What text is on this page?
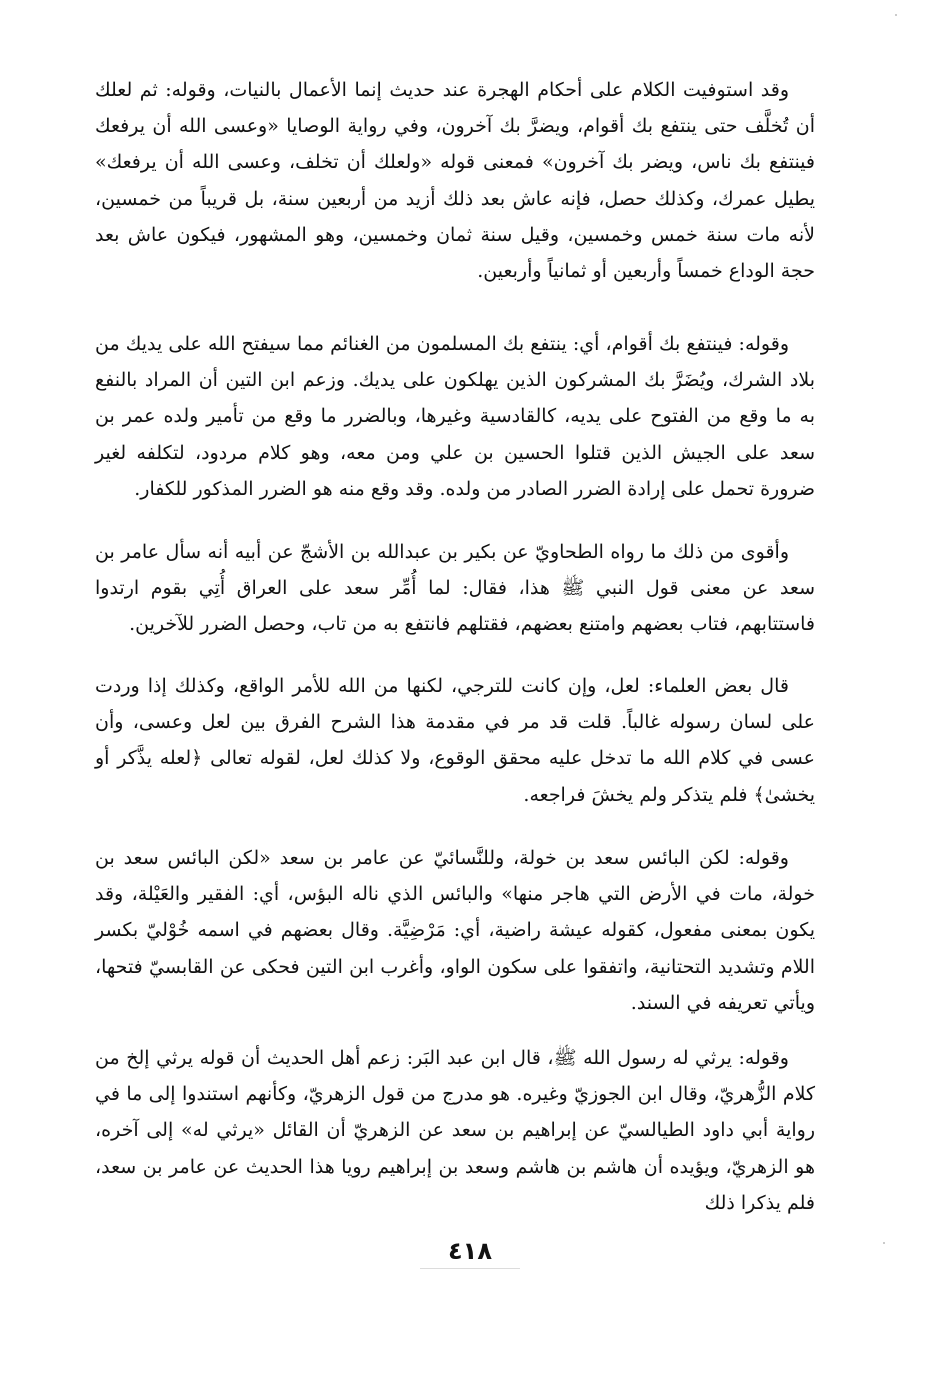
وقد استوفيت الكلام على أحكام الهجرة عند حديث إنما الأعمال بالنيات، وقوله: ثم لعلك أن تُخلَّف حتى ينتفع بك أقوام، ويضرَّ بك آخرون، وفي رواية الوصايا «وعسى الله أن يرفعك فينتفع بك ناس، ويضر بك آخرون» فمعنى قوله «ولعلك أن تخلف، وعسى الله أن يرفعك» يطيل عمرك، وكذلك حصل، فإنه عاش بعد ذلك أزيد من أربعين سنة، بل قريباً من خمسين، لأنه مات سنة خمس وخمسين، وقيل سنة ثمان وخمسين، وهو المشهور، فيكون عاش بعد حجة الوداع خمساً وأربعين أو ثمانياً وأربعين.

وقوله: فينتفع بك أقوام، أي: ينتفع بك المسلمون من الغنائم مما سيفتح الله على يديك من بلاد الشرك، ويُضَرَّ بك المشركون الذين يهلكون على يديك. وزعم ابن التين أن المراد بالنفع به ما وقع من الفتوح على يديه، كالقادسية وغيرها، وبالضرر ما وقع من تأمير ولده عمر بن سعد على الجيش الذين قتلوا الحسين بن علي ومن معه، وهو كلام مردود، لتكلفه لغير ضرورة تحمل على إرادة الضرر الصادر من ولده. وقد وقع منه هو الضرر المذكور للكفار.

وأقوى من ذلك ما رواه الطحاويّ عن بكير بن عبدالله بن الأشجّ عن أبيه أنه سأل عامر بن سعد عن معنى قول النبي ﷺ هذا، فقال: لما أُمِّر سعد على العراق أُتِي بقوم ارتدوا فاستتابهم، فتاب بعضهم وامتنع بعضهم، فقتلهم فانتفع به من تاب، وحصل الضرر للآخرين.

قال بعض العلماء: لعل، وإن كانت للترجي، لكنها من الله للأمر الواقع، وكذلك إذا وردت على لسان رسوله غالباً. قلت قد مر في مقدمة هذا الشرح الفرق بين لعل وعسى، وأن عسى في كلام الله ما تدخل عليه محقق الوقوع، ولا كذلك لعل، لقوله تعالى ﴿لعله يذَّكر أو يخشىٰ﴾ فلم يتذكر ولم يخشَ فراجعه.

وقوله: لكن البائس سعد بن خولة، وللنَّسائيّ عن عامر بن سعد «لكن البائس سعد بن خولة، مات في الأرض التي هاجر منها» والبائس الذي ناله البؤس، أي: الفقير والعَيْلة، وقد يكون بمعنى مفعول، كقوله عيشة راضية، أي: مَرْضِيَّة. وقال بعضهم في اسمه خُوْليّ بكسر اللام وتشديد التحتانية، واتفقوا على سكون الواو، وأغرب ابن التين فحكى عن القابسيّ فتحها، ويأتي تعريفه في السند.

وقوله: يرثي له رسول الله ﷺ، قال ابن عبد البَر: زعم أهل الحديث أن قوله يرثي إلخ من كلام الزُّهريّ، وقال ابن الجوزيّ وغيره. هو مدرج من قول الزهريّ، وكأنهم استندوا إلى ما في رواية أبي داود الطيالسيّ عن إبراهيم بن سعد عن الزهريّ أن القائل «يرثي له» إلى آخره، هو الزهريّ، ويؤيده أن هاشم بن هاشم وسعد بن إبراهيم رويا هذا الحديث عن عامر بن سعد، فلم يذكرا ذلك

٤١٨
